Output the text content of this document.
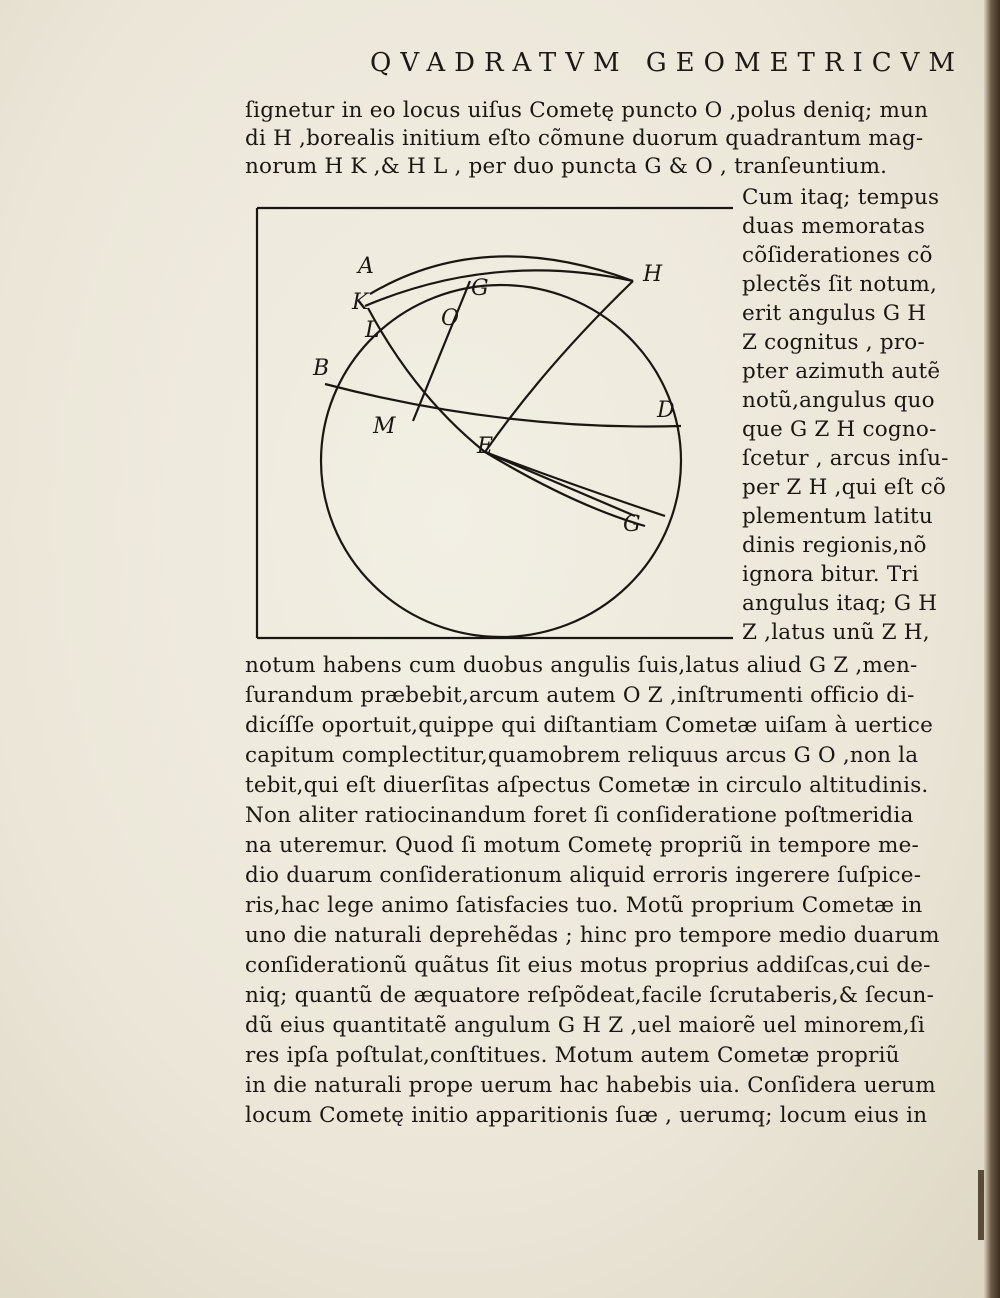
QVADRATVM GEOMETRICVM
ſignetur in eo locus uiſus Cometę puncto O ,polus deniq; mun
di H ,borealis initium eſto cõmune duorum quadrantum mag-
norum H K ,& H L , per duo puncta G & O , tranſeuntium.
A
K
L
B
M
E
G
O
H
D
G
Cum itaq; tempus
duas memoratas
cõſiderationes cõ
plectẽs ſit notum,
erit angulus G H
Z cognitus , pro-
pter azimuth autẽ
notũ,angulus quo
que G Z H cogno-
ſcetur , arcus inſu-
per Z H ,qui eſt cõ
plementum latitu
dinis regionis,nõ
ignora bitur. Tri
angulus itaq; G H
Z ,latus unũ Z H,
notum habens cum duobus angulis ſuis,latus aliud G Z ,men-
ſurandum præbebit,arcum autem O Z ,inſtrumenti officio di-
dicíſſe oportuit,quippe qui diſtantiam Cometæ uiſam à uertice
capitum complectitur,quamobrem reliquus arcus G O ,non la
tebit,qui eſt diuerſitas aſpectus Cometæ in circulo altitudinis.
Non aliter ratiocinandum foret ſi conſideratione poſtmeridia
na uteremur. Quod ſi motum Cometę propriũ in tempore me-
dio duarum conſiderationum aliquid erroris ingerere ſuſpice-
ris,hac lege animo ſatisfacies tuo. Motũ proprium Cometæ in
uno die naturali deprehẽdas ; hinc pro tempore medio duarum
conſiderationũ quãtus ſit eius motus proprius addiſcas,cui de-
niq; quantũ de æquatore reſpõdeat,facile ſcrutaberis,& ſecun-
dũ eius quantitatẽ angulum G H Z ,uel maiorẽ uel minorem,ſi
res ipſa poſtulat,conſtitues. Motum autem Cometæ propriũ
in die naturali prope uerum hac habebis uia. Conſidera uerum
locum Cometę initio apparitionis ſuæ , uerumq; locum eius in
